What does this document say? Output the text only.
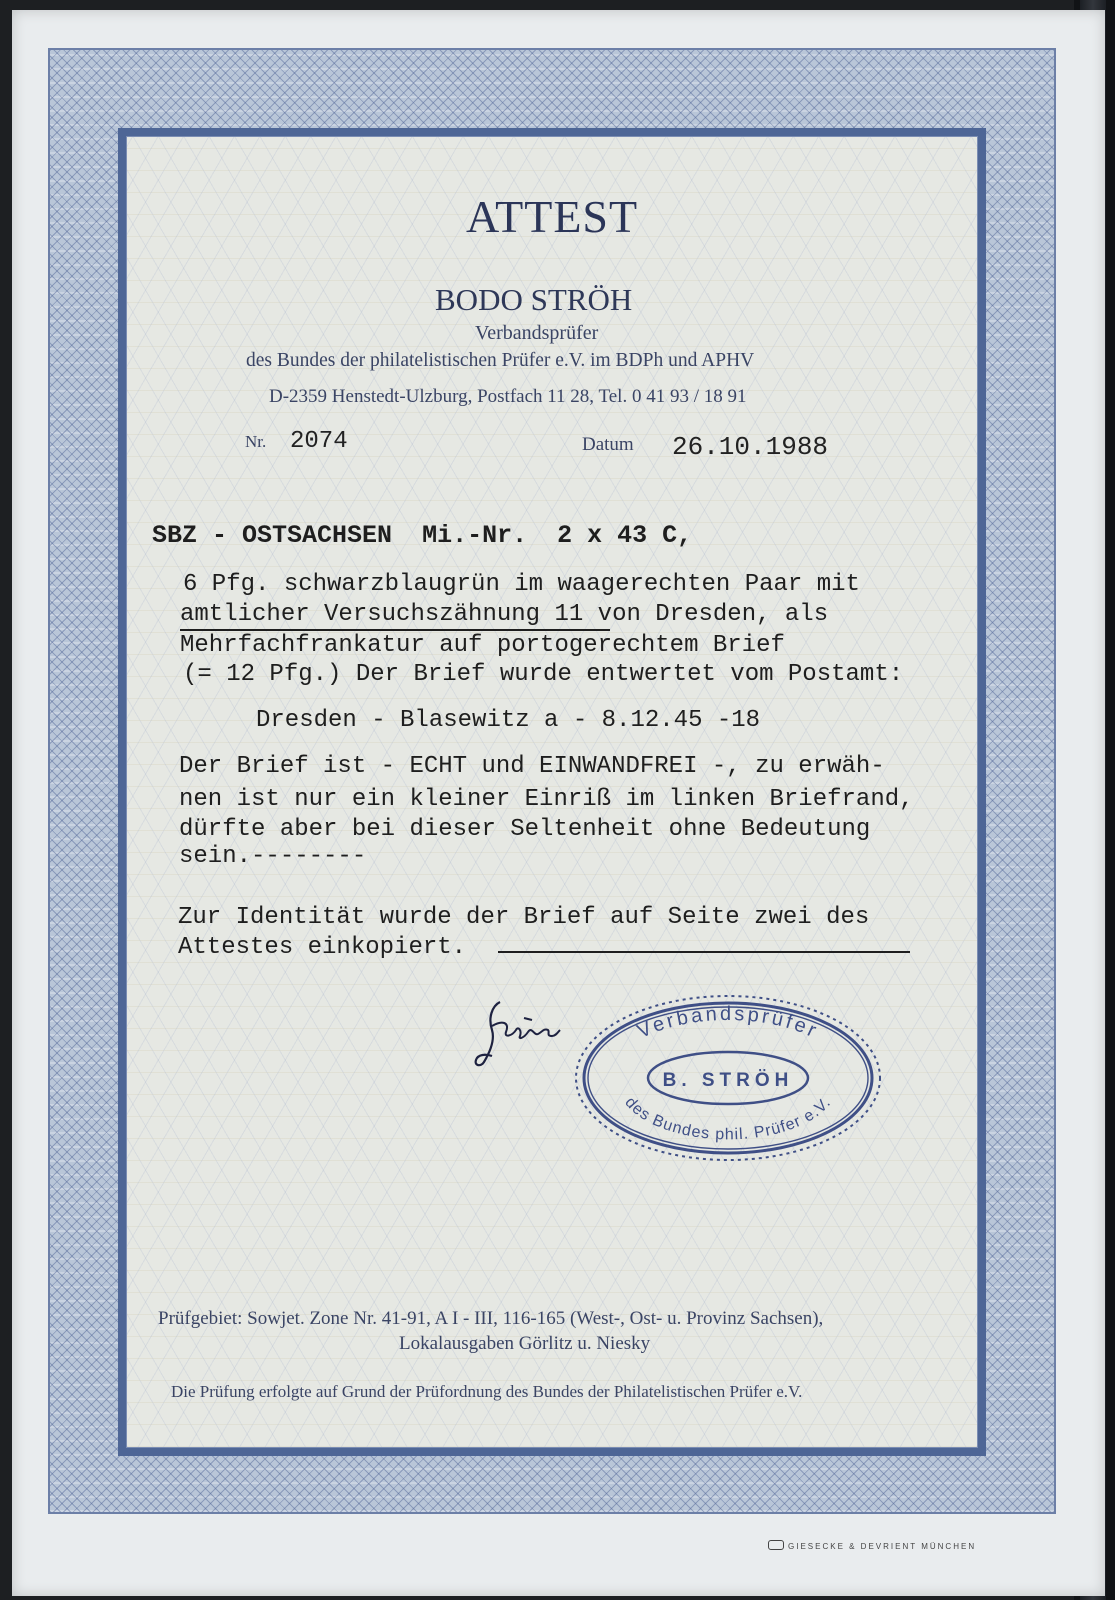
ATTEST
BODO STRÖH
Verbandsprüfer
des Bundes der philatelistischen Prüfer e.V. im BDPh und APHV
D-2359 Henstedt-Ulzburg, Postfach 11 28, Tel. 0 41 93 / 18 91
Nr. 2074	Datum 26.10.1988
SBZ - OSTSACHSEN Mi.-Nr.  2 x 43 C,
6 Pfg. schwarzblaugrün im waagerechten Paar mit
amtlicher Versuchszähnung 11 von Dresden, als
Mehrfachfrankatur auf portogerechtem Brief
(= 12 Pfg.) Der Brief wurde entwertet vom Postamt:
Dresden - Blasewitz a - 8.12.45 -18
Der Brief ist - ECHT und EINWANDFREI -, zu erwäh-
nen ist nur ein kleiner Einriß im linken Briefrand,
dürfte aber bei dieser Seltenheit ohne Bedeutung
sein.--------
Zur Identität wurde der Brief auf Seite zwei des
Attestes einkopiert.
Verbandsprüfer
B. STRÖH
des Bundes phil. Prüfer e.V.
Prüfgebiet: Sowjet. Zone Nr. 41-91, A I - III, 116-165 (West-, Ost- u. Provinz Sachsen),
Lokalausgaben Görlitz u. Niesky
Die Prüfung erfolgte auf Grund der Prüfordnung des Bundes der Philatelistischen Prüfer e.V.
GIESECKE & DEVRIENT MÜNCHEN
